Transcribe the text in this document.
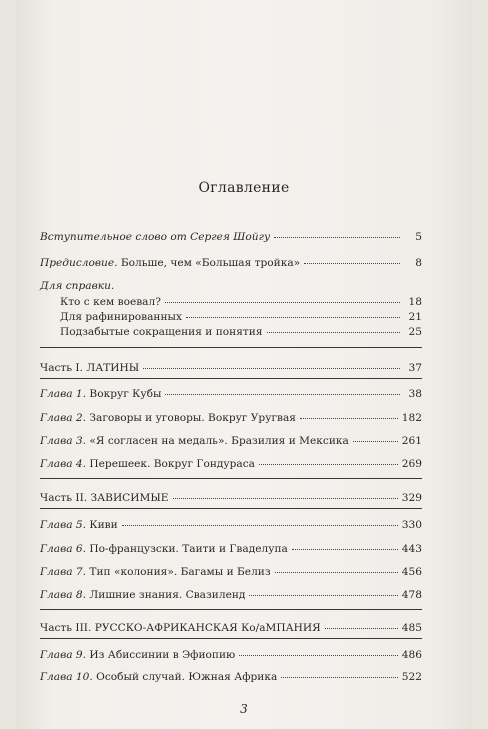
Оглавление
Вступительное слово от Сергея Шойгу	5
Предисловие. Больше, чем «Большая тройка»	8
Для справки.
Кто с кем воевал?	18
Для рафинированных	21
Подзабытые сокращения и понятия	25
Часть I. ЛАТИНЫ	37
Глава 1. Вокруг Кубы	38
Глава 2. Заговоры и уговоры. Вокруг Уругвая	182
Глава 3. «Я согласен на медаль». Бразилия и Мексика	261
Глава 4. Перешеек. Вокруг Гондураса	269
Часть II. ЗАВИСИМЫЕ	329
Глава 5. Киви	330
Глава 6. По-французски. Таити и Гваделупа	443
Глава 7. Тип «колония». Багамы и Белиз	456
Глава 8. Лишние знания. Свазиленд	478
Часть III. РУССКО-АФРИКАНСКАЯ Ко/аМПАНИЯ	485
Глава 9. Из Абиссинии в Эфиопию	486
Глава 10. Особый случай. Южная Африка	522
3
